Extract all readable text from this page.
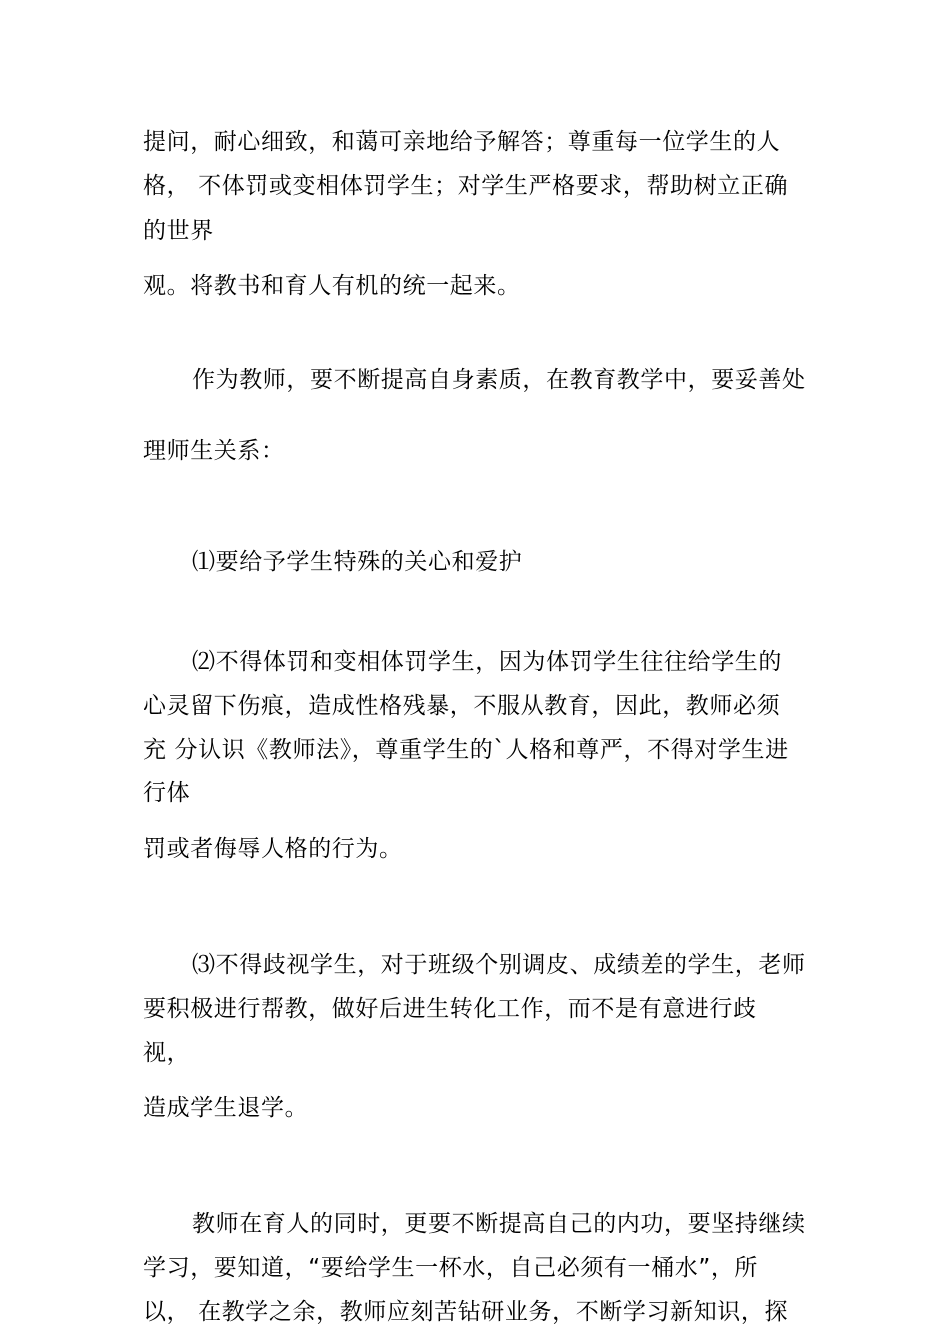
提问，耐心细致，和蔼可亲地给予解答；尊重每一位学生的人

格， 不体罚或变相体罚学生；对学生严格要求，帮助树立正确

的世界

观。将教书和育人有机的统一起来。

作为教师，要不断提高自身素质，在教育教学中，要妥善处

理师生关系：

⑴要给予学生特殊的关心和爱护

⑵不得体罚和变相体罚学生，因为体罚学生往往给学生的

心灵留下伤痕，造成性格残暴，不服从教育，因此，教师必须

充 分认识《教师法》，尊重学生的`人格和尊严，不得对学生进

行体

罚或者侮辱人格的行为。

⑶不得歧视学生，对于班级个别调皮、成绩差的学生，老师

要积极进行帮教，做好后进生转化工作，而不是有意进行歧

视，

造成学生退学。

教师在育人的同时，更要不断提高自己的内功，要坚持继续

学习，要知道，“要给学生一杯水，自己必须有一桶水”，所

以， 在教学之余，教师应刻苦钻研业务，不断学习新知识，探
